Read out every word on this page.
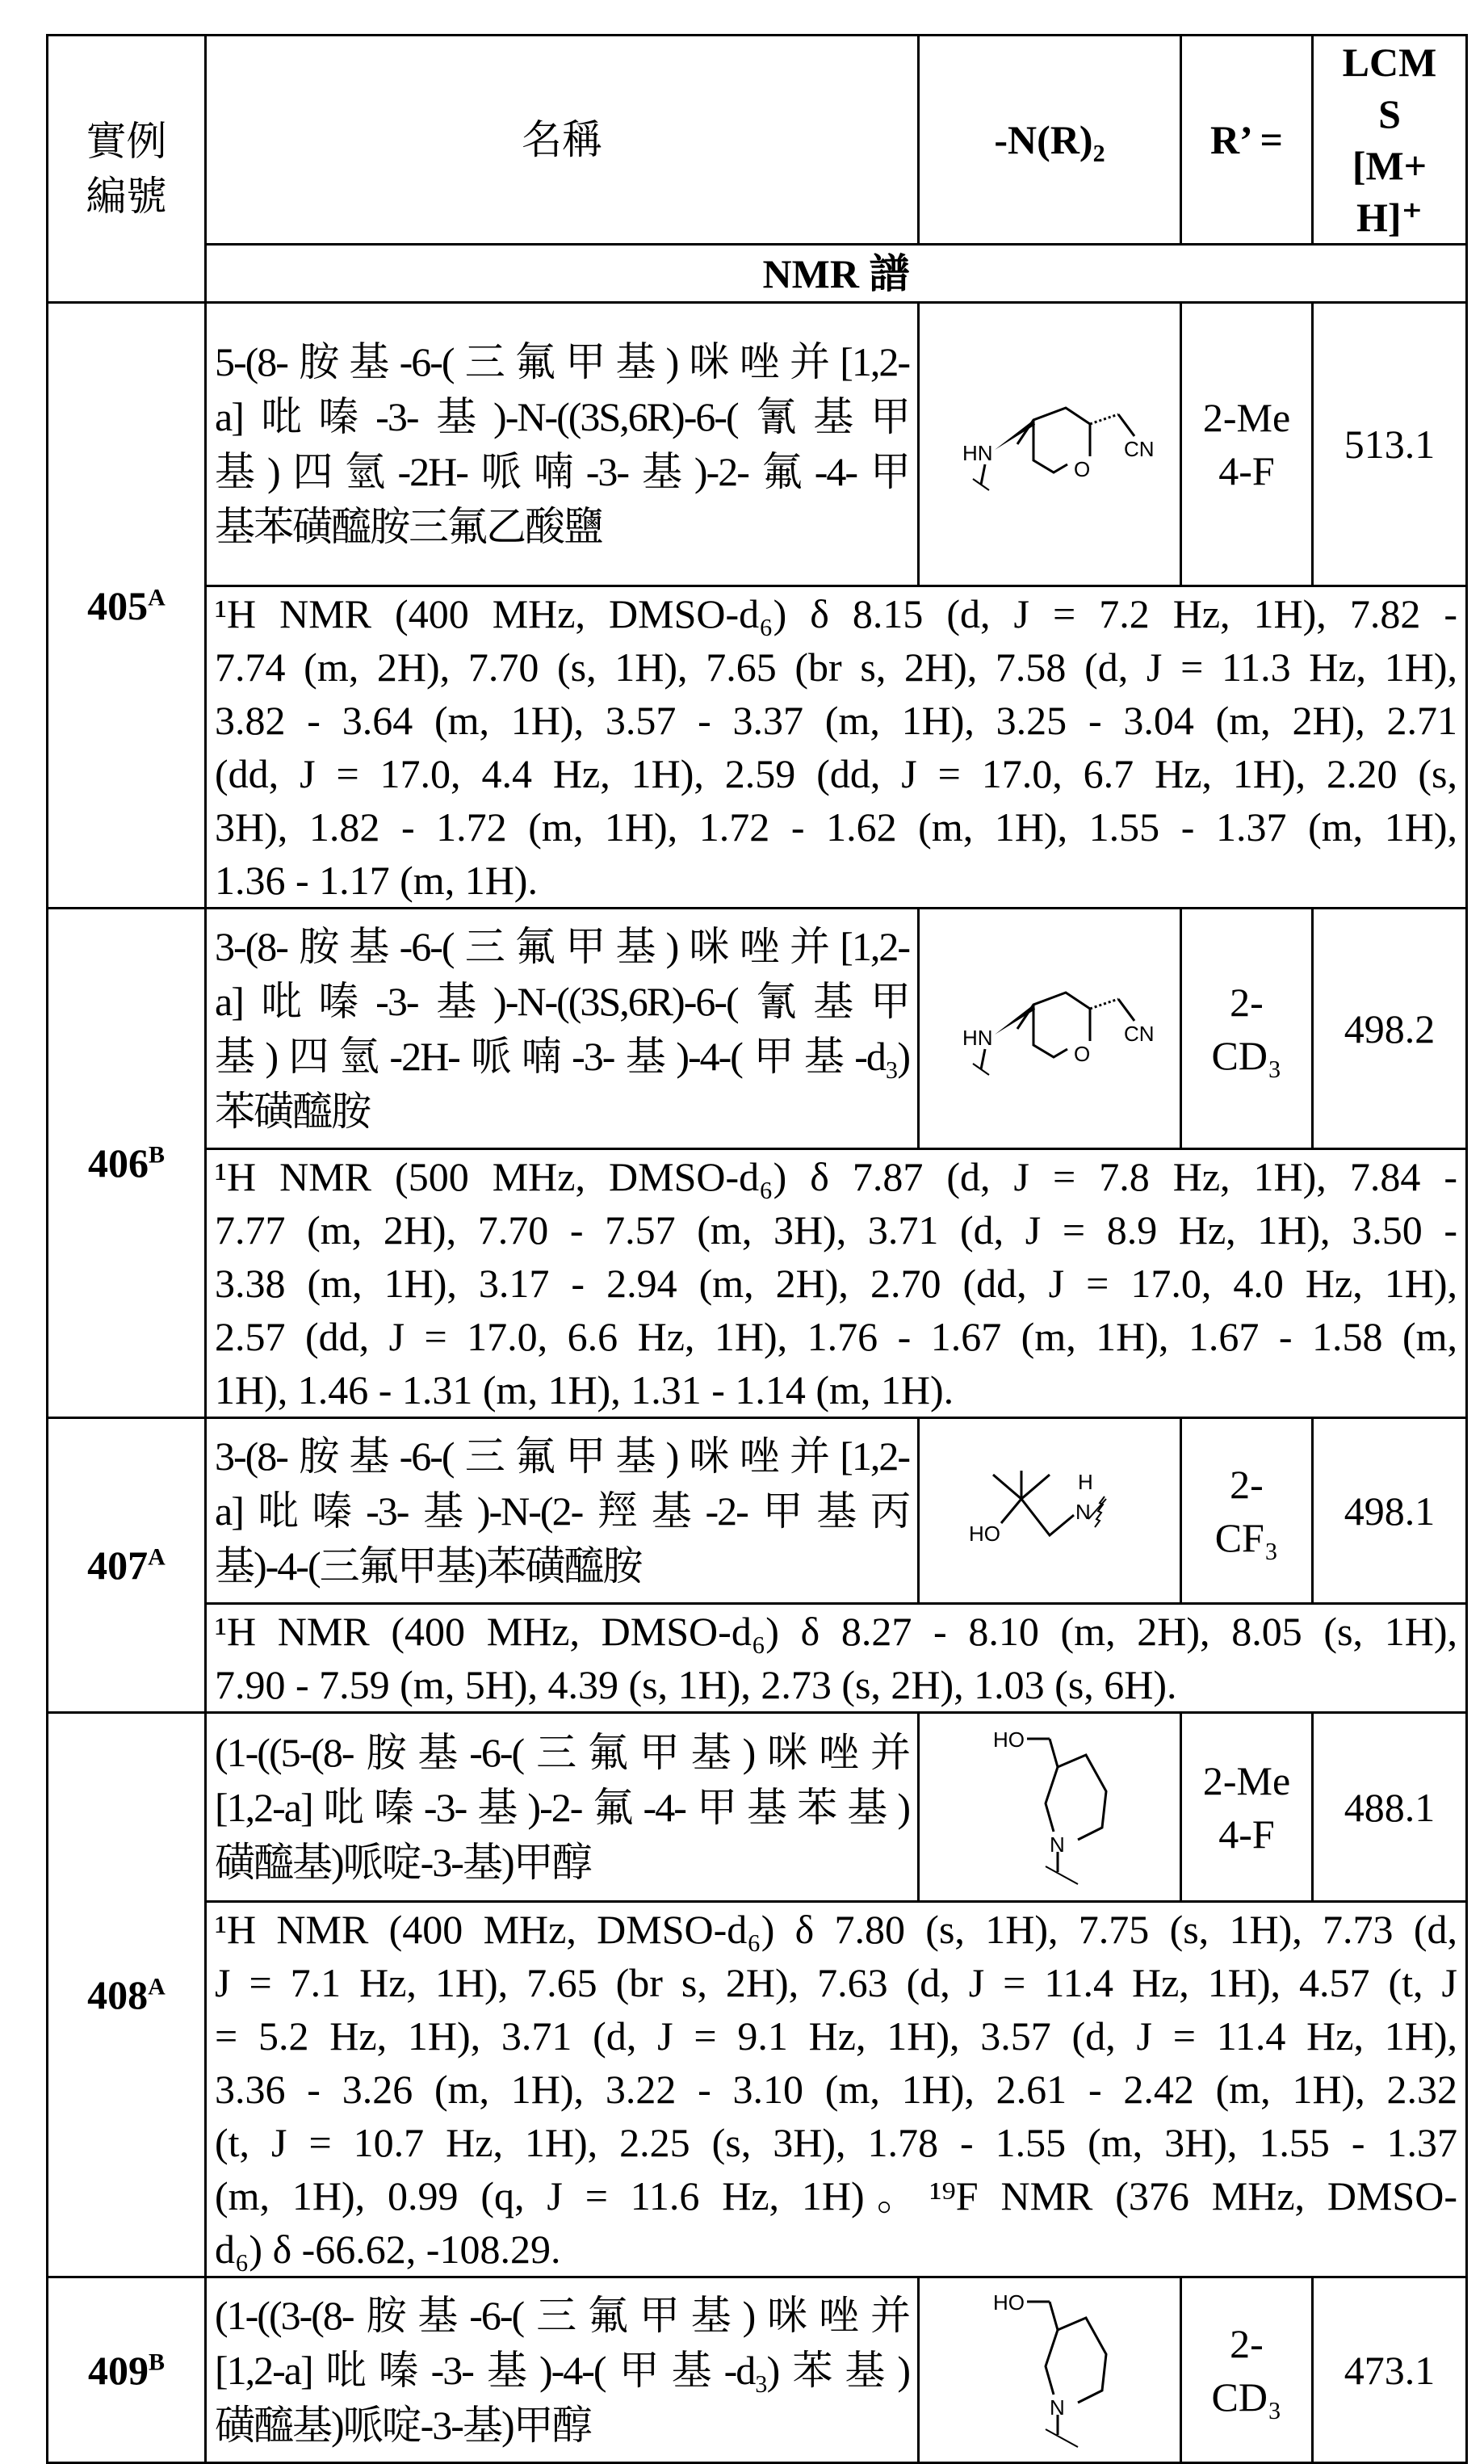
實例
編號
	名稱	-N(R)₂	R’ =	
LCM
S
[M+
H]⁺

NMR 譜
405A	
5-(8-胺基-6-(三氟甲基)咪唑并[1,2-
a]吡嗪-3-基)-N-((3S,6R)-6-(氰基甲
基)四氫-2H-哌喃-3-基)-2-氟-4-甲
基苯磺醯胺三氟乙酸鹽

HN
O
CN

2-Me
4-F
	513.1

¹H NMR (400 MHz, DMSO-d₆) δ 8.15 (d, J = 7.2 Hz, 1H), 7.82 -
7.74 (m, 2H), 7.70 (s, 1H), 7.65 (br s, 2H), 7.58 (d, J = 11.3 Hz, 1H),
3.82 - 3.64 (m, 1H), 3.57 - 3.37 (m, 1H), 3.25 - 3.04 (m, 2H), 2.71
(dd, J = 17.0, 4.4 Hz, 1H), 2.59 (dd, J = 17.0, 6.7 Hz, 1H), 2.20 (s,
3H), 1.82 - 1.72 (m, 1H), 1.72 - 1.62 (m, 1H), 1.55 - 1.37 (m, 1H),
1.36 - 1.17 (m, 1H).

406B	
3-(8-胺基-6-(三氟甲基)咪唑并[1,2-
a]吡嗪-3-基)-N-((3S,6R)-6-(氰基甲
基)四氫-2H-哌喃-3-基)-4-(甲基-d₃)
苯磺醯胺

HN
O
CN

2-
CD₃
	498.2

¹H NMR (500 MHz, DMSO-d₆) δ 7.87 (d, J = 7.8 Hz, 1H), 7.84 -
7.77 (m, 2H), 7.70 - 7.57 (m, 3H), 3.71 (d, J = 8.9 Hz, 1H), 3.50 -
3.38 (m, 1H), 3.17 - 2.94 (m, 2H), 2.70 (dd, J = 17.0, 4.0 Hz, 1H),
2.57 (dd, J = 17.0, 6.6 Hz, 1H), 1.76 - 1.67 (m, 1H), 1.67 - 1.58 (m,
1H), 1.46 - 1.31 (m, 1H), 1.31 - 1.14 (m, 1H).

407A	
3-(8-胺基-6-(三氟甲基)咪唑并[1,2-
a]吡嗪-3-基)-N-(2-羥基-2-甲基丙
基)-4-(三氟甲基)苯磺醯胺

HO
H
N

2-
CF₃
	498.1

¹H NMR (400 MHz, DMSO-d₆) δ 8.27 - 8.10 (m, 2H), 8.05 (s, 1H),
7.90 - 7.59 (m, 5H), 4.39 (s, 1H), 2.73 (s, 2H), 1.03 (s, 6H).

408A	
(1-((5-(8-胺基-6-(三氟甲基)咪唑并
[1,2-a]吡嗪-3-基)-2-氟-4-甲基苯基)
磺醯基)哌啶-3-基)甲醇

HO
N

2-Me
4-F
	488.1

¹H NMR (400 MHz, DMSO-d₆) δ 7.80 (s, 1H), 7.75 (s, 1H), 7.73 (d,
J = 7.1 Hz, 1H), 7.65 (br s, 2H), 7.63 (d, J = 11.4 Hz, 1H), 4.57 (t, J
= 5.2 Hz, 1H), 3.71 (d, J = 9.1 Hz, 1H), 3.57 (d, J = 11.4 Hz, 1H),
3.36 - 3.26 (m, 1H), 3.22 - 3.10 (m, 1H), 2.61 - 2.42 (m, 1H), 2.32
(t, J = 10.7 Hz, 1H), 2.25 (s, 3H), 1.78 - 1.55 (m, 3H), 1.55 - 1.37
(m, 1H), 0.99 (q, J = 11.6 Hz, 1H)。¹⁹F NMR (376 MHz, DMSO-
d₆) δ -66.62, -108.29.

409B	
(1-((3-(8-胺基-6-(三氟甲基)咪唑并
[1,2-a]吡嗪-3-基)-4-(甲基-d₃)苯基)
磺醯基)哌啶-3-基)甲醇

HO
N

2-
CD₃
	473.1
